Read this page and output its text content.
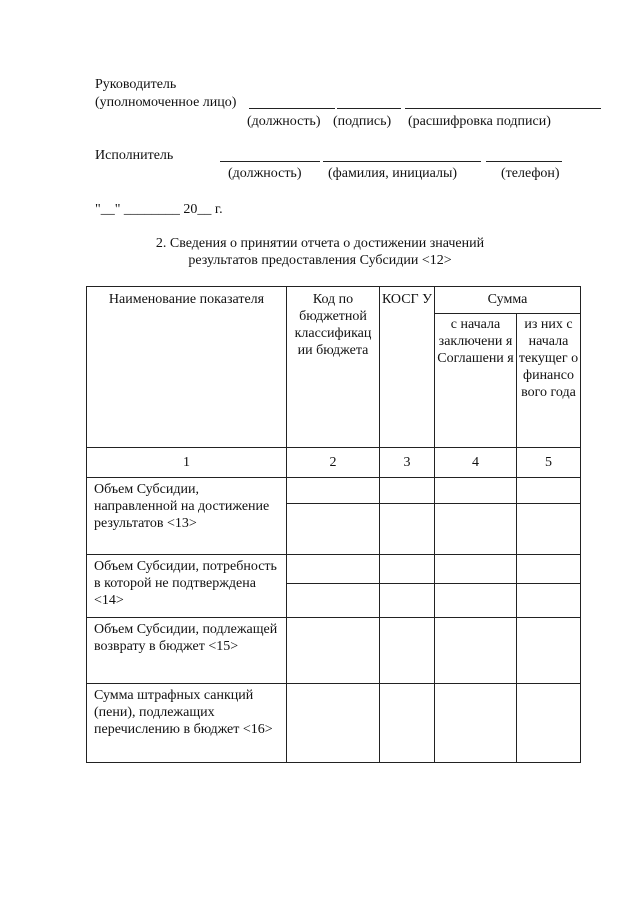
Руководитель
(уполномоченное лицо)
(должность) (подпись) (расшифровка подписи)
Исполнитель
(должность) (фамилия, инициалы)	(телефон)
"__" ________ 20__ г.
2. Сведения о принятии отчета о достижении значений
результатов предоставления Субсидии <12>
Наименование показателя	Код по бюджетной классификац ии бюджета	КОСГ У	Сумма	
			с начала заключени я Соглашени я	из них с начала текущег о финансо вого года
1	2	3	4	5
Объем Субсидии, направленной на достижение результатов <13>				

Объем Субсидии, потребность в которой не подтверждена <14>				

Объем Субсидии, подлежащей возврату в бюджет <15>				
Сумма штрафных санкций (пени), подлежащих перечислению в бюджет <16>				
